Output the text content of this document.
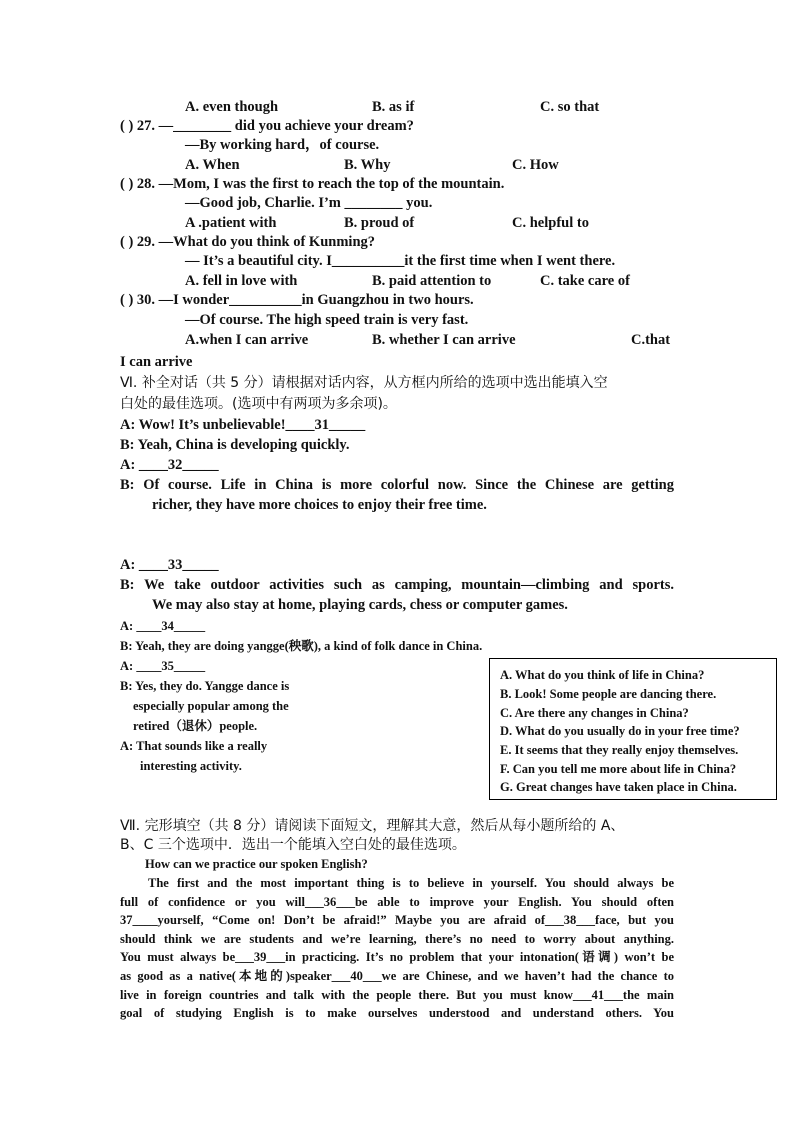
A. even though	B. as if	C. so that
( ) 27. —________ did you achieve your dream?
—By working hard，of course.
A. When	B. Why	C. How
( ) 28. —Mom, I was the first to reach the top of the mountain.
—Good job, Charlie. I’m ________ you.
A .patient with	B. proud of	C. helpful to
( ) 29. —What do you think of Kunming?
— It’s a beautiful city. I__________it the first time when I went there.
A. fell in love with	B. paid attention to	C. take care of
( ) 30. —I wonder__________in Guangzhou in two hours.
—Of course. The high speed train is very fast.
A.when I can arrive	B. whether I can arrive	C.that
I can arrive
Ⅵ. 补全对话（共 5 分）请根据对话内容，从方框内所给的选项中选出能填入空
白处的最佳选项。(选项中有两项为多余项)。
A: Wow! It’s unbelievable!____31_____
B: Yeah, China is developing quickly.
A: ____32_____
B: Of course. Life in China is more colorful now. Since the Chinese are getting
richer, they have more choices to enjoy their free time.
A: ____33_____
B: We take outdoor activities such as camping, mountain—climbing and sports.
We may also stay at home, playing cards, chess or computer games.
A: ____34_____
B: Yeah, they are doing yangge(秧歌), a kind of folk dance in China.
A: ____35_____
B: Yes, they do. Yangge dance is
especially popular among the
retired（退休）people.
A: That sounds like a really
interesting activity.
A. What do you think of life in China?
B. Look! Some people are dancing there.
C. Are there any changes in China?
D. What do you usually do in your free time?
E. It seems that they really enjoy themselves.
F. Can you tell me more about life in China?
G. Great changes have taken place in China.
Ⅶ. 完形填空（共 8 分）请阅读下面短文，理解其大意，然后从每小题所给的 A、
B、C 三个选项中．选出一个能填入空白处的最佳选项。
How can we practice our spoken English?
The first and the most important thing is to believe in yourself. You should always be
full of confidence or you will___36___be able to improve your English. You should often
37____yourself, “Come on! Don’t be afraid!” Maybe you are afraid of___38___face, but you
should think we are students and we’re learning, there’s no need to worry about anything.
You must always be___39___in practicing. It’s no problem that your intonation(语调) won’t be
as good as a native(本地的)speaker___40___we are Chinese, and we haven’t had the chance to
live in foreign countries and talk with the people there. But you must know___41___the main
goal of studying English is to make ourselves understood and understand others. You
